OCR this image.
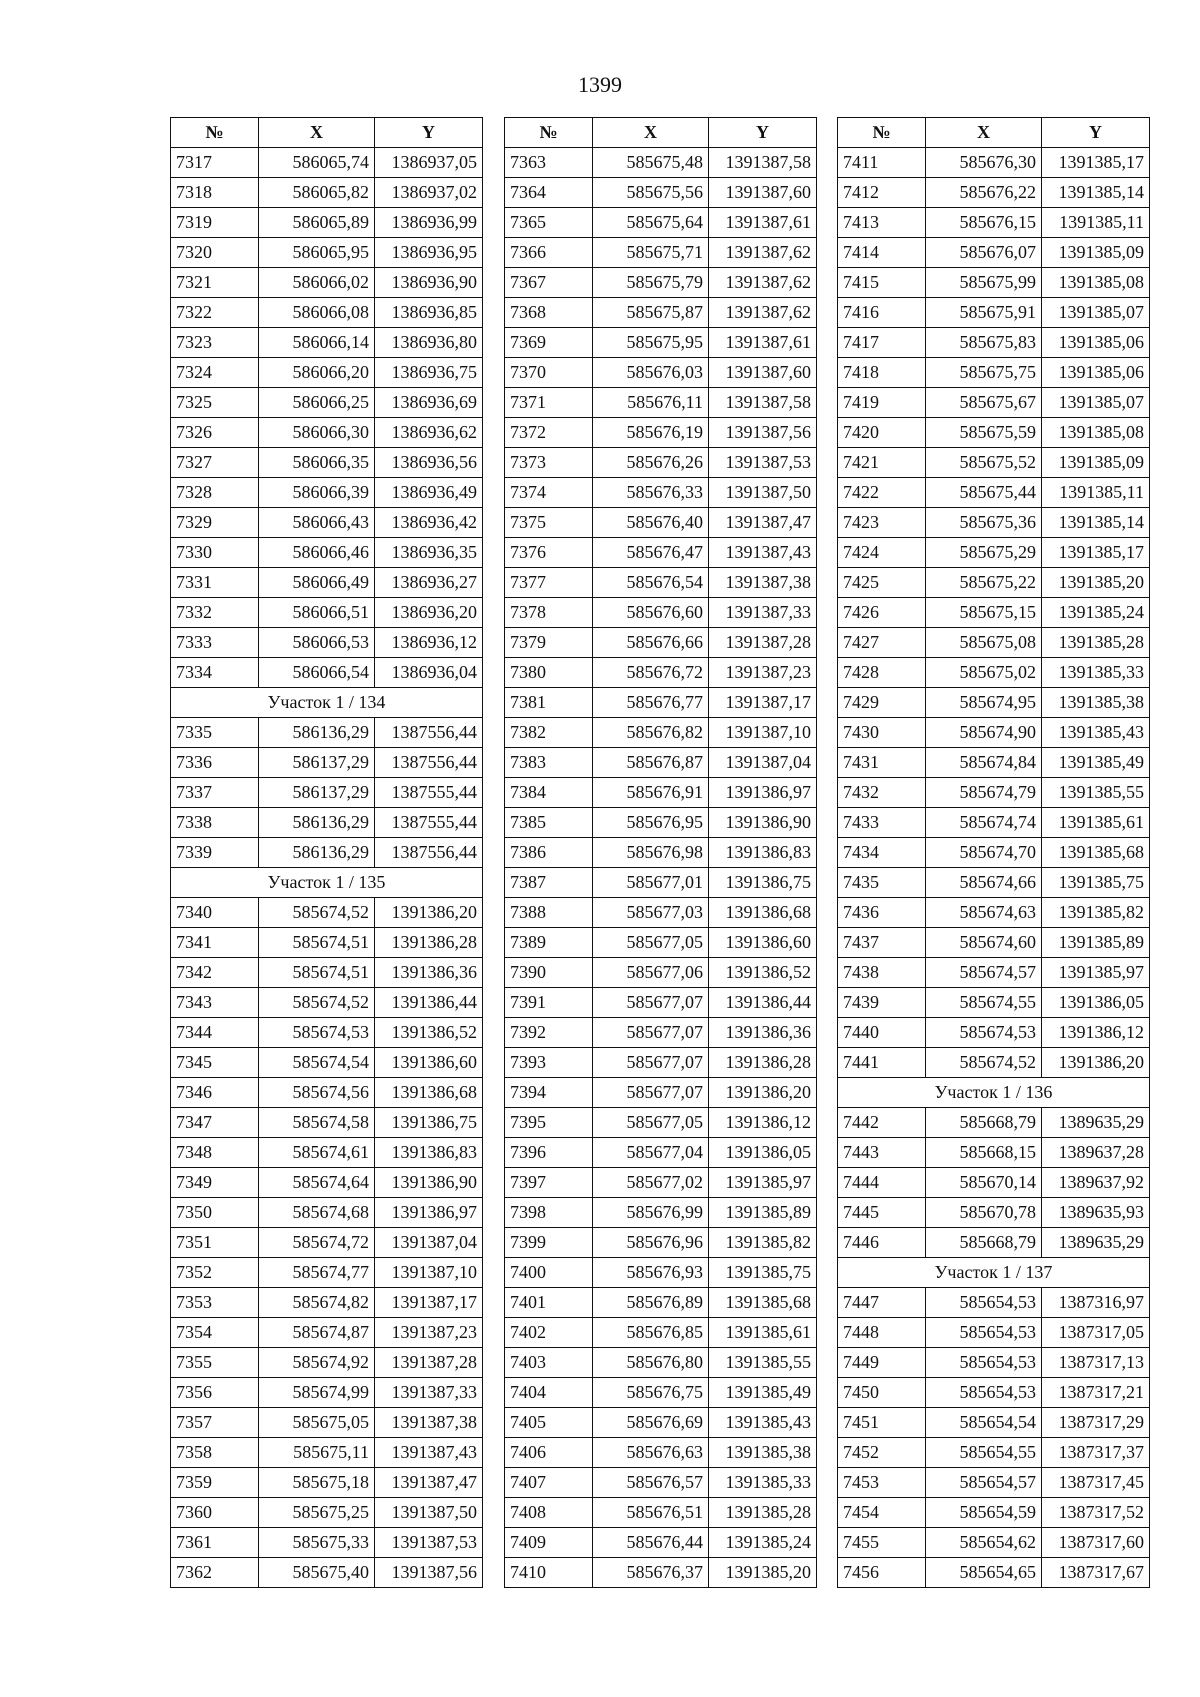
1399
№	X	Y
7317	586065,74	1386937,05
7318	586065,82	1386937,02
7319	586065,89	1386936,99
7320	586065,95	1386936,95
7321	586066,02	1386936,90
7322	586066,08	1386936,85
7323	586066,14	1386936,80
7324	586066,20	1386936,75
7325	586066,25	1386936,69
7326	586066,30	1386936,62
7327	586066,35	1386936,56
7328	586066,39	1386936,49
7329	586066,43	1386936,42
7330	586066,46	1386936,35
7331	586066,49	1386936,27
7332	586066,51	1386936,20
7333	586066,53	1386936,12
7334	586066,54	1386936,04
Участок 1 / 134		
7335	586136,29	1387556,44
7336	586137,29	1387556,44
7337	586137,29	1387555,44
7338	586136,29	1387555,44
7339	586136,29	1387556,44
Участок 1 / 135		
7340	585674,52	1391386,20
7341	585674,51	1391386,28
7342	585674,51	1391386,36
7343	585674,52	1391386,44
7344	585674,53	1391386,52
7345	585674,54	1391386,60
7346	585674,56	1391386,68
7347	585674,58	1391386,75
7348	585674,61	1391386,83
7349	585674,64	1391386,90
7350	585674,68	1391386,97
7351	585674,72	1391387,04
7352	585674,77	1391387,10
7353	585674,82	1391387,17
7354	585674,87	1391387,23
7355	585674,92	1391387,28
7356	585674,99	1391387,33
7357	585675,05	1391387,38
7358	585675,11	1391387,43
7359	585675,18	1391387,47
7360	585675,25	1391387,50
7361	585675,33	1391387,53
7362	585675,40	1391387,56
№	X	Y
7363	585675,48	1391387,58
7364	585675,56	1391387,60
7365	585675,64	1391387,61
7366	585675,71	1391387,62
7367	585675,79	1391387,62
7368	585675,87	1391387,62
7369	585675,95	1391387,61
7370	585676,03	1391387,60
7371	585676,11	1391387,58
7372	585676,19	1391387,56
7373	585676,26	1391387,53
7374	585676,33	1391387,50
7375	585676,40	1391387,47
7376	585676,47	1391387,43
7377	585676,54	1391387,38
7378	585676,60	1391387,33
7379	585676,66	1391387,28
7380	585676,72	1391387,23
7381	585676,77	1391387,17
7382	585676,82	1391387,10
7383	585676,87	1391387,04
7384	585676,91	1391386,97
7385	585676,95	1391386,90
7386	585676,98	1391386,83
7387	585677,01	1391386,75
7388	585677,03	1391386,68
7389	585677,05	1391386,60
7390	585677,06	1391386,52
7391	585677,07	1391386,44
7392	585677,07	1391386,36
7393	585677,07	1391386,28
7394	585677,07	1391386,20
7395	585677,05	1391386,12
7396	585677,04	1391386,05
7397	585677,02	1391385,97
7398	585676,99	1391385,89
7399	585676,96	1391385,82
7400	585676,93	1391385,75
7401	585676,89	1391385,68
7402	585676,85	1391385,61
7403	585676,80	1391385,55
7404	585676,75	1391385,49
7405	585676,69	1391385,43
7406	585676,63	1391385,38
7407	585676,57	1391385,33
7408	585676,51	1391385,28
7409	585676,44	1391385,24
7410	585676,37	1391385,20
№	X	Y
7411	585676,30	1391385,17
7412	585676,22	1391385,14
7413	585676,15	1391385,11
7414	585676,07	1391385,09
7415	585675,99	1391385,08
7416	585675,91	1391385,07
7417	585675,83	1391385,06
7418	585675,75	1391385,06
7419	585675,67	1391385,07
7420	585675,59	1391385,08
7421	585675,52	1391385,09
7422	585675,44	1391385,11
7423	585675,36	1391385,14
7424	585675,29	1391385,17
7425	585675,22	1391385,20
7426	585675,15	1391385,24
7427	585675,08	1391385,28
7428	585675,02	1391385,33
7429	585674,95	1391385,38
7430	585674,90	1391385,43
7431	585674,84	1391385,49
7432	585674,79	1391385,55
7433	585674,74	1391385,61
7434	585674,70	1391385,68
7435	585674,66	1391385,75
7436	585674,63	1391385,82
7437	585674,60	1391385,89
7438	585674,57	1391385,97
7439	585674,55	1391386,05
7440	585674,53	1391386,12
7441	585674,52	1391386,20
Участок 1 / 136		
7442	585668,79	1389635,29
7443	585668,15	1389637,28
7444	585670,14	1389637,92
7445	585670,78	1389635,93
7446	585668,79	1389635,29
Участок 1 / 137		
7447	585654,53	1387316,97
7448	585654,53	1387317,05
7449	585654,53	1387317,13
7450	585654,53	1387317,21
7451	585654,54	1387317,29
7452	585654,55	1387317,37
7453	585654,57	1387317,45
7454	585654,59	1387317,52
7455	585654,62	1387317,60
7456	585654,65	1387317,67
